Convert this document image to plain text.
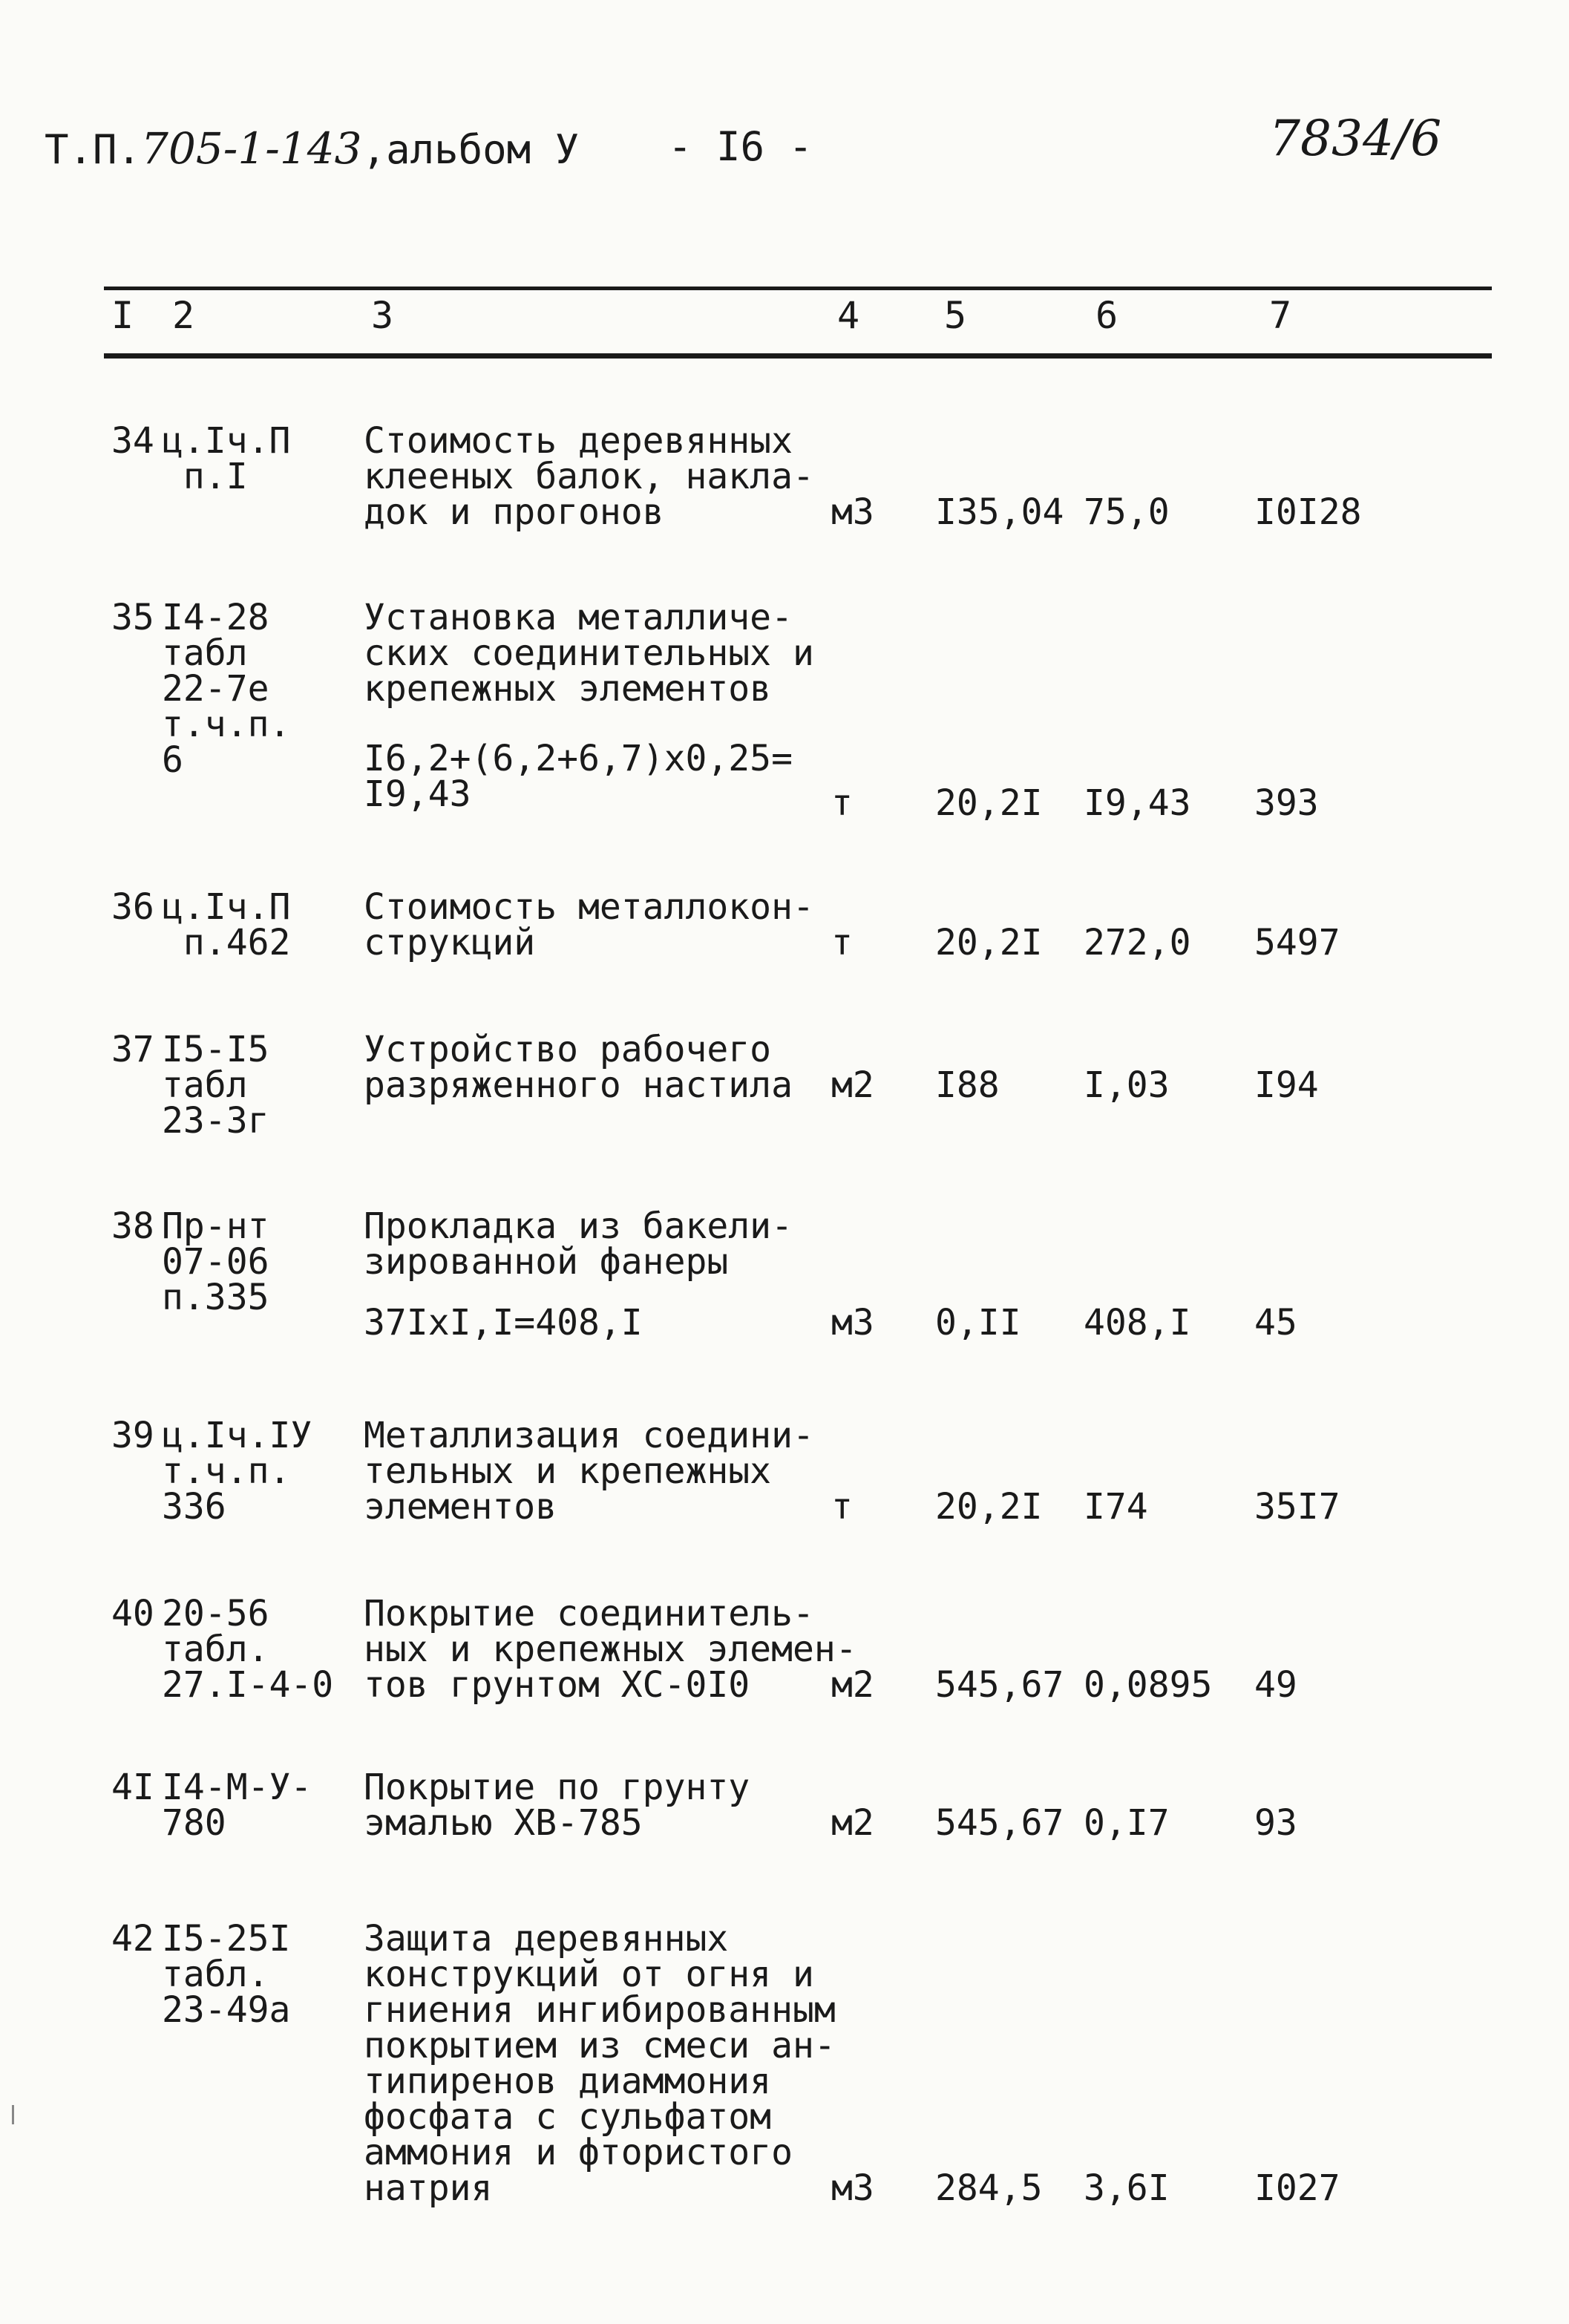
Т.П.705-1-143,альбом У - I6 -	7834/6
I 2	3	4 5	6	7
34 ц.Iч.П
п.I
Стоимость деревянных
клееных балок, накла-
док и прогонов	м3 I35,04 75,0 I0I28
35 I4-28
табл
22-7е
т.ч.п.
6
Установка металличе-
ских соединительных и
крепежных элементов
I6,2+(6,2+6,7)х0,25=
I9,43	т 20,2I I9,43 393
36 ц.Iч.П
п.462
Стоимость металлокон-
струкций	т 20,2I 272,0 5497
37 I5-I5
табл
23-3г
Устройство рабочего
разряженного настила м2 I88 I,03 I94
38 Пр-нт
07-06
п.335
Прокладка из бакели-
зированной фанеры
37IхI,I=408,I	м3 0,II 408,I 45
39 ц.Iч.IУ
т.ч.п.
336
Металлизация соедини-
тельных и крепежных
элементов	т 20,2I I74	35I7
40 20-56
табл.
27.I-4-0
Покрытие соединитель-
ных и крепежных элемен-
тов грунтом ХС-0I0	м2 545,67 0,0895 49
4I I4-М-У-
780
Покрытие по грунту
эмалью ХВ-785	м2 545,67 0,I7 93
42 I5-25I
табл.
23-49а
Защита деревянных
конструкций от огня и
гниения ингибированным
покрытием из смеси ан-
типиренов диаммония
фосфата с сульфатом
аммония и фтористого
натрия	м3 284,5 3,6I I027
